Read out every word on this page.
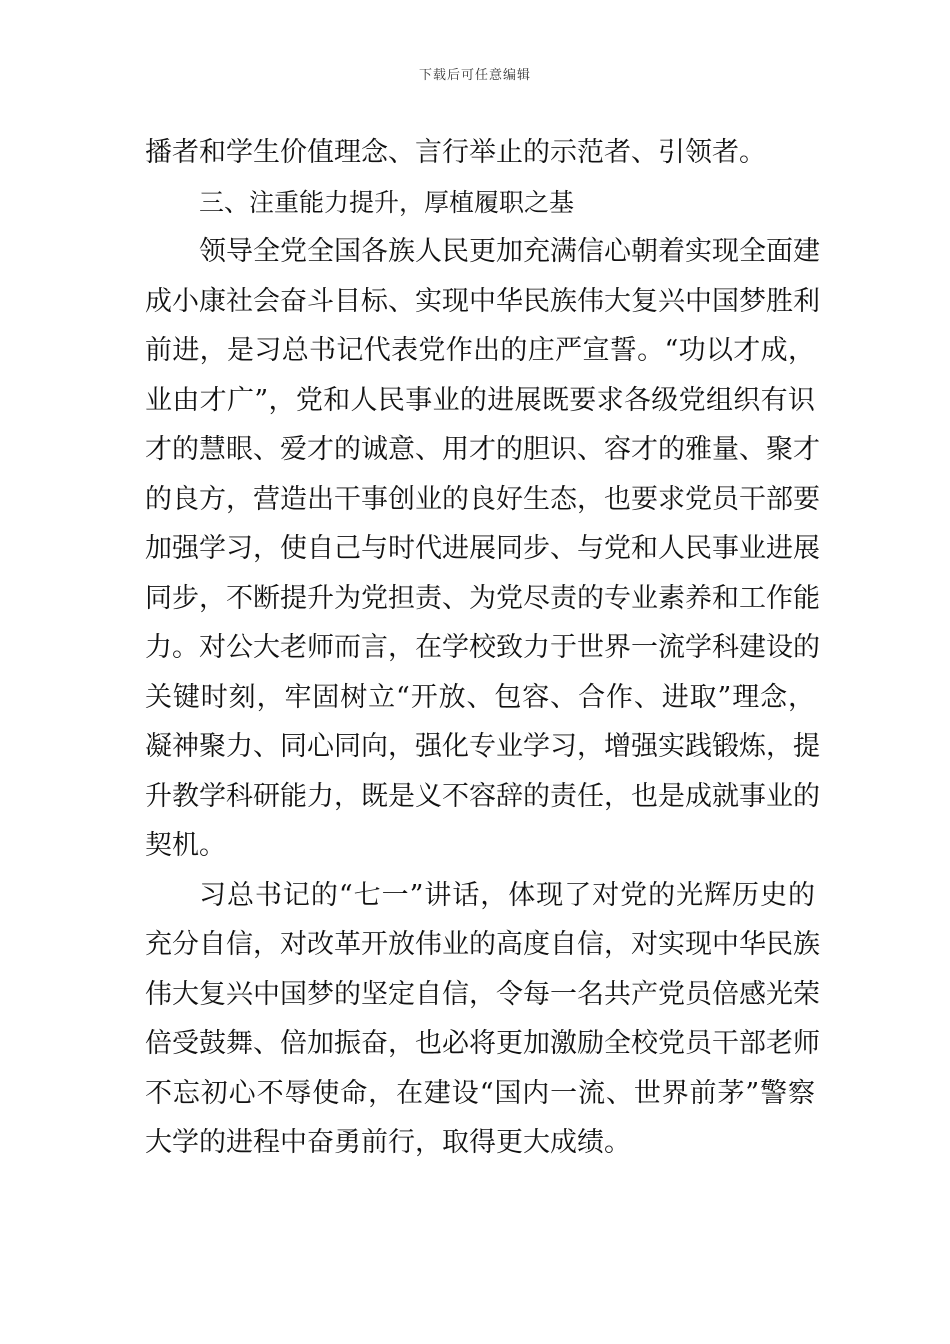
下载后可任意编辑
播者和学生价值理念、言行举止的示范者、引领者。
三、注重能力提升，厚植履职之基
领导全党全国各族人民更加充满信心朝着实现全面建
成小康社会奋斗目标、实现中华民族伟大复兴中国梦胜利
前进，是习总书记代表党作出的庄严宣誓。“功以才成，
业由才广”，党和人民事业的进展既要求各级党组织有识
才的慧眼、爱才的诚意、用才的胆识、容才的雅量、聚才
的良方，营造出干事创业的良好生态，也要求党员干部要
加强学习，使自己与时代进展同步、与党和人民事业进展
同步，不断提升为党担责、为党尽责的专业素养和工作能
力。对公大老师而言，在学校致力于世界一流学科建设的
关键时刻，牢固树立“开放、包容、合作、进取”理念，
凝神聚力、同心同向，强化专业学习，增强实践锻炼，提
升教学科研能力，既是义不容辞的责任，也是成就事业的
契机。
习总书记的“七一”讲话，体现了对党的光辉历史的
充分自信，对改革开放伟业的高度自信，对实现中华民族
伟大复兴中国梦的坚定自信，令每一名共产党员倍感光荣
倍受鼓舞、倍加振奋，也必将更加激励全校党员干部老师
不忘初心不辱使命，在建设“国内一流、世界前茅”警察
大学的进程中奋勇前行，取得更大成绩。
